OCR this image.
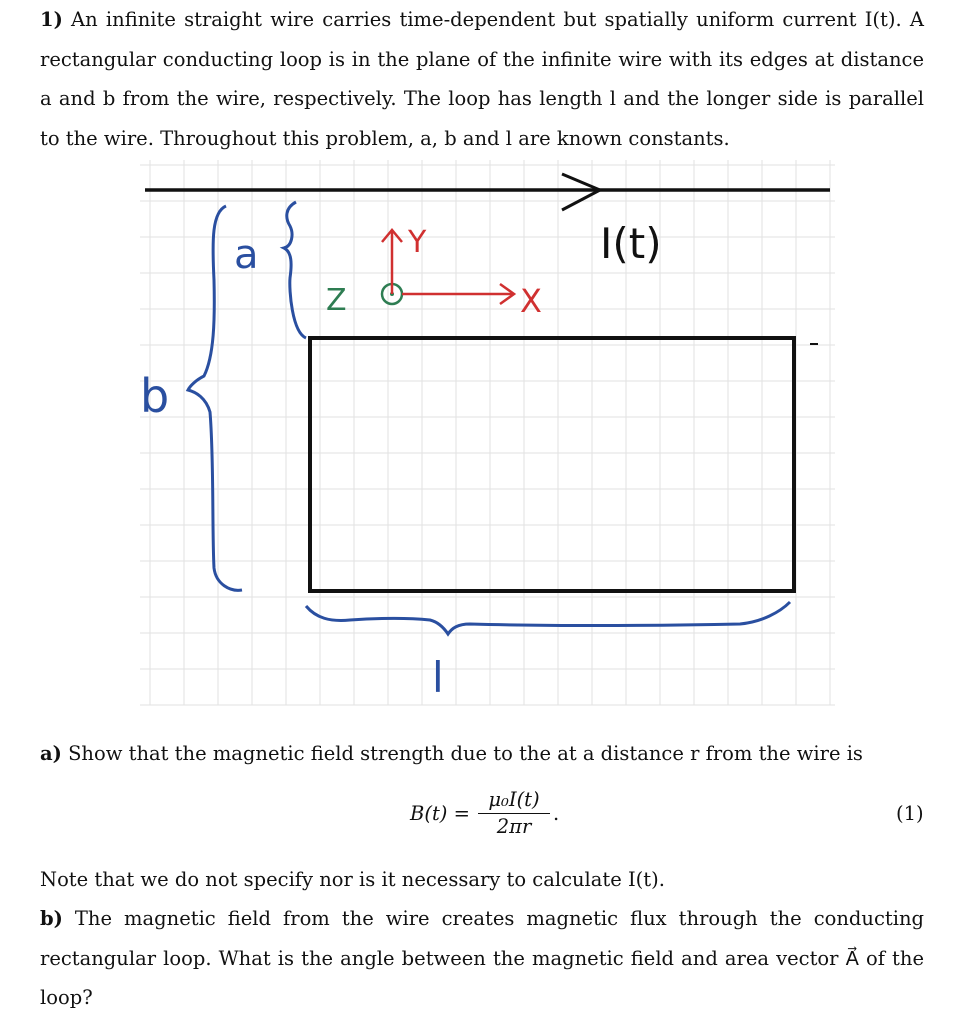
1) An infinite straight wire carries time-dependent but spatially uniform current I(t). A rectangular conducting loop is in the plane of the infinite wire with its edges at distance a and b from the wire, respectively. The loop has length l and the longer side is parallel to the wire. Throughout this problem, a, b and l are known constants.
I(t)
a
b
l
Z
Y
X
a) Show that the magnetic field strength due to the at a distance r from the wire is
$B(t) = \frac{\text{μ₀I(t)}}{2\pi r}$ .	(1)
Note that we do not specify nor is it necessary to calculate I(t).
b) The magnetic field from the wire creates magnetic flux through the conducting rectangular loop. What is the angle between the magnetic field and area vector A⃗ of the loop?
